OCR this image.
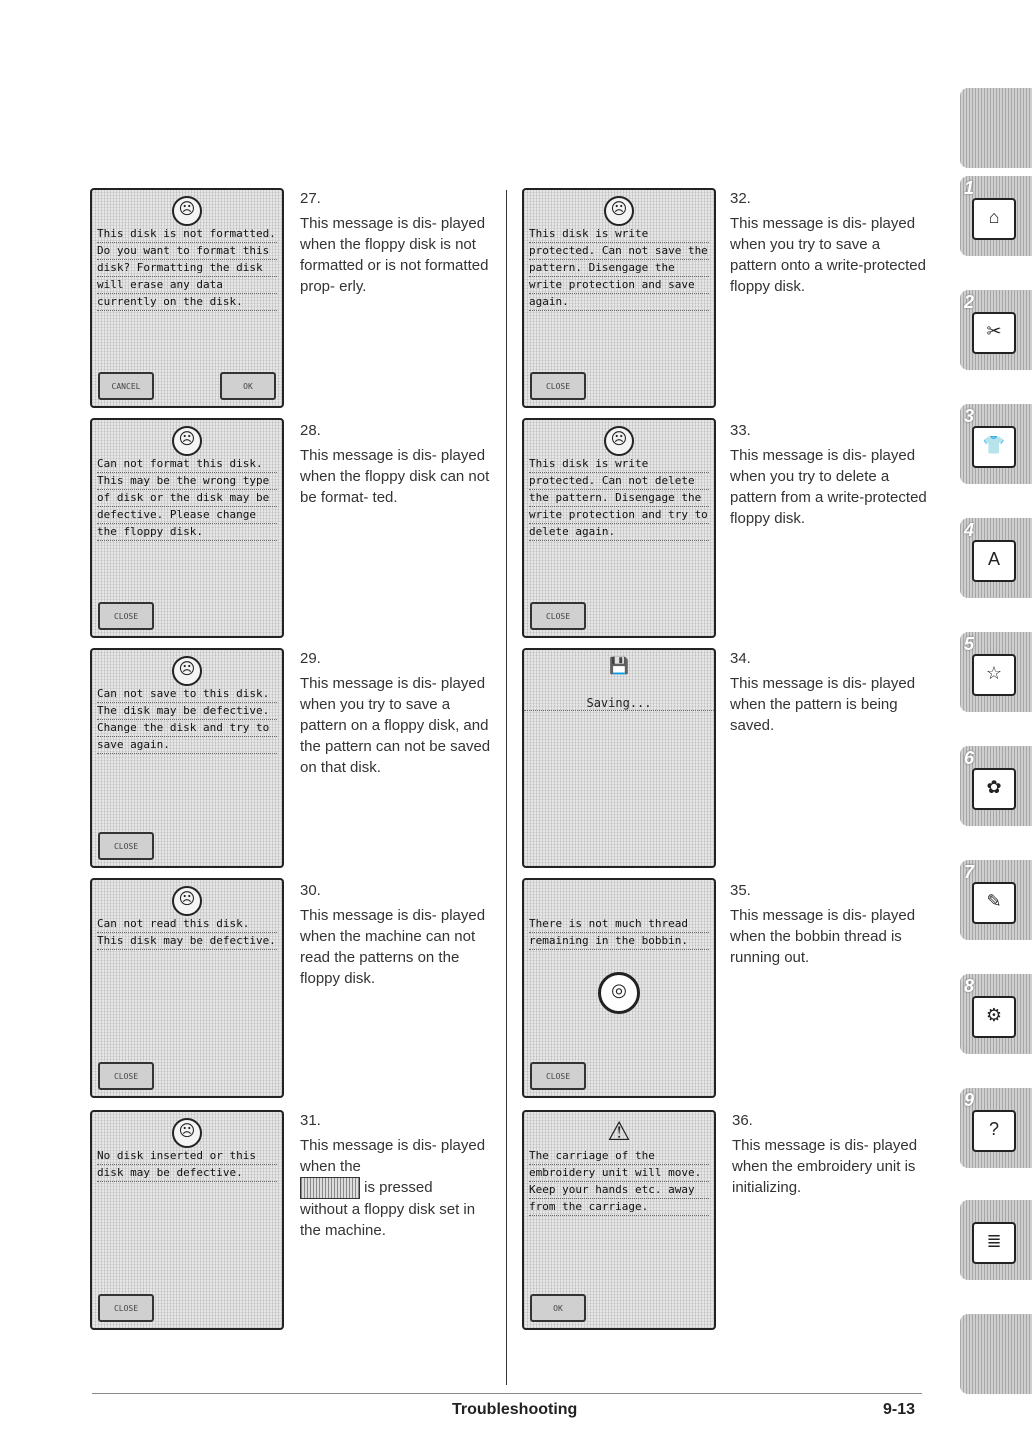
☹
This disk is not formatted.
Do you want to format this
disk? Formatting the disk
will erase any data
currently on the disk.
CANCEL	OK
27.
This message is dis- played when the floppy disk is not formatted or is not formatted prop- erly.
☹
Can not format this disk.
This may be the wrong type
of disk or the disk may be
defective. Please change
the floppy disk.
CLOSE
28.
This message is dis- played when the floppy disk can not be format- ted.
☹
Can not save to this disk.
The disk may be defective.
Change the disk and try to
save again.
CLOSE
29.
This message is dis- played when you try to save a pattern on a floppy disk, and the pattern can not be saved on that disk.
☹
Can not read this disk.
This disk may be defective.
CLOSE
30.
This message is dis- played when the machine can not read the patterns on the floppy disk.
☹
No disk inserted or this
disk may be defective.
CLOSE
31.
This message is dis- played when the
is pressed
without a floppy disk set in the machine.
☹
This disk is write
protected. Can not save the
pattern. Disengage the
write protection and save
again.
CLOSE
32.
This message is dis- played when you try to save a pattern onto a write-protected floppy disk.
☹
This disk is write
protected. Can not delete
the pattern. Disengage the
write protection and try to
delete again.
CLOSE
33.
This message is dis- played when you try to delete a pattern from a write-protected floppy disk.
💾
Saving...
34.
This message is dis- played when the pattern is being saved.
There is not much thread
remaining in the bobbin.
◎
CLOSE
35.
This message is dis- played when the bobbin thread is running out.
⚠
The carriage of the
embroidery unit will move.
Keep your hands etc. away
from the carriage.
OK
36.
This message is dis- played when the embroidery unit is initializing.
1
⌂
2
✂
3
👕
4
A
5
☆
6
✿
7
✎
8
⚙
9
?
≣
Troubleshooting	9-13
